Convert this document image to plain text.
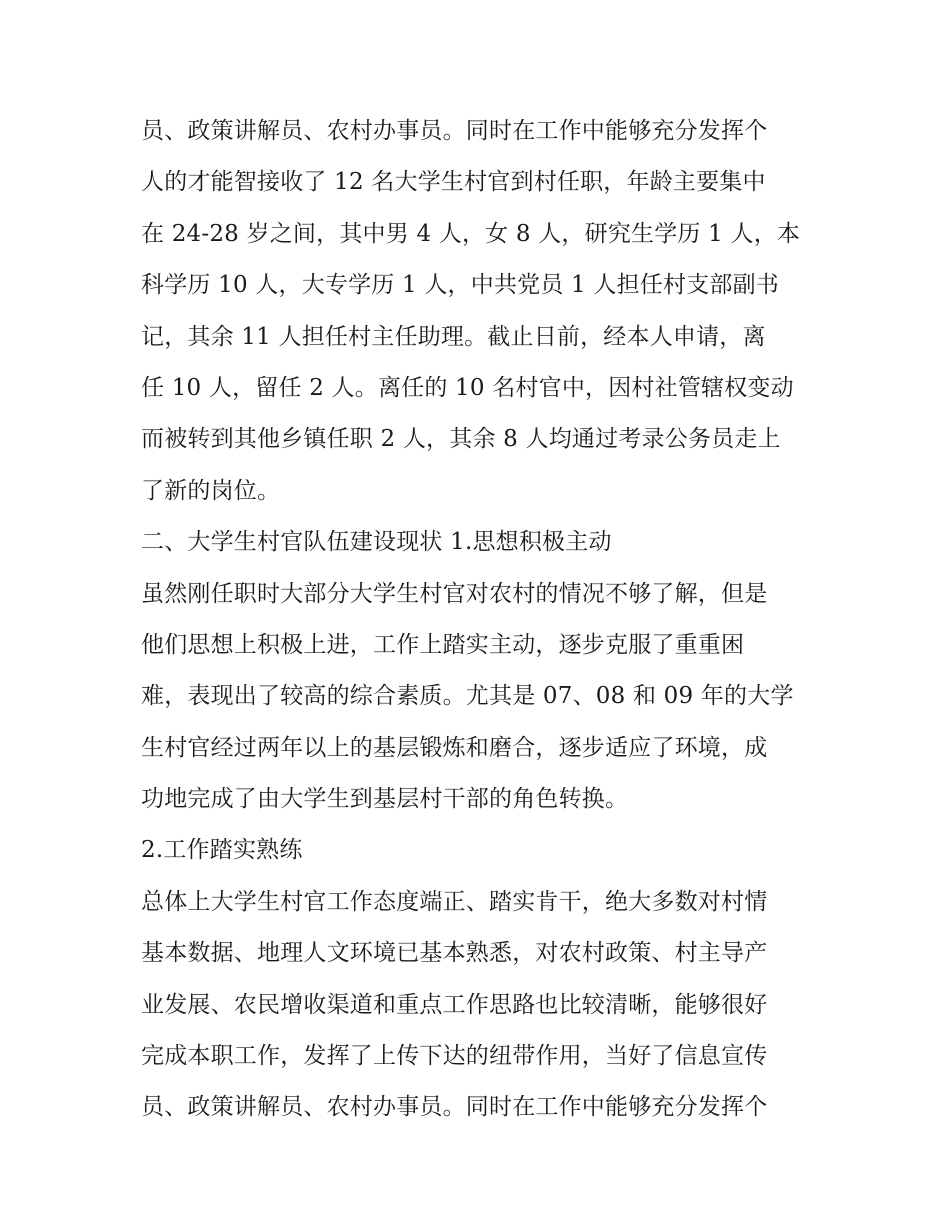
员、政策讲解员、农村办事员。同时在工作中能够充分发挥个
人的才能智接收了 12 名大学生村官到村任职，年龄主要集中
在 24-28 岁之间，其中男 4 人，女 8 人，研究生学历 1 人，本
科学历 10 人，大专学历 1 人，中共党员 1 人担任村支部副书
记，其余 11 人担任村主任助理。截止日前，经本人申请，离
任 10 人，留任 2 人。离任的 10 名村官中，因村社管辖权变动
而被转到其他乡镇任职 2 人，其余 8 人均通过考录公务员走上
了新的岗位。
二、大学生村官队伍建设现状 1.思想积极主动
虽然刚任职时大部分大学生村官对农村的情况不够了解，但是
他们思想上积极上进，工作上踏实主动，逐步克服了重重困
难，表现出了较高的综合素质。尤其是 07、08 和 09 年的大学
生村官经过两年以上的基层锻炼和磨合，逐步适应了环境，成
功地完成了由大学生到基层村干部的角色转换。
2.工作踏实熟练
总体上大学生村官工作态度端正、踏实肯干，绝大多数对村情
基本数据、地理人文环境已基本熟悉，对农村政策、村主导产
业发展、农民增收渠道和重点工作思路也比较清晰，能够很好
完成本职工作，发挥了上传下达的纽带作用，当好了信息宣传
员、政策讲解员、农村办事员。同时在工作中能够充分发挥个
